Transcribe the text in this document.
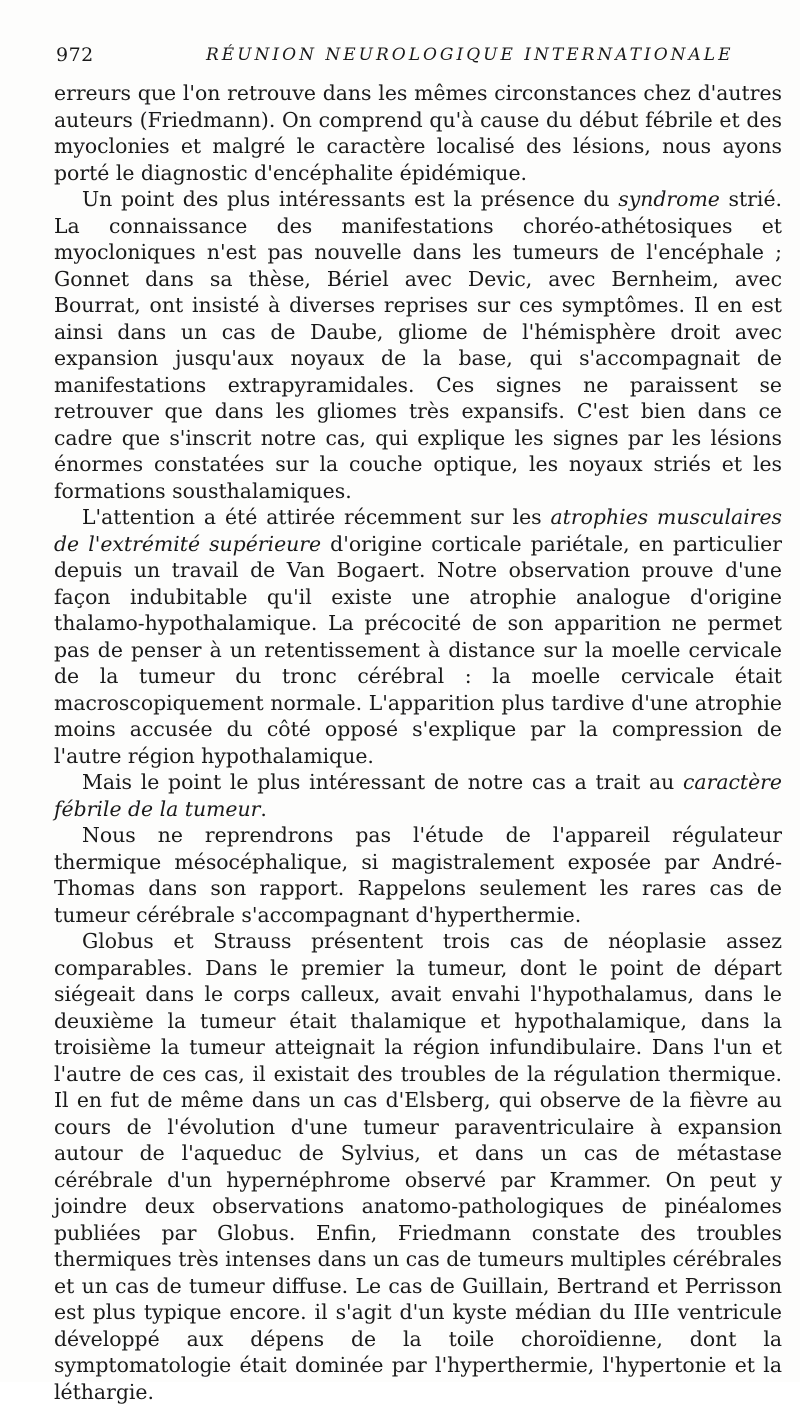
972	RÉUNION NEUROLOGIQUE INTERNATIONALE

erreurs que l'on retrouve dans les mêmes circonstances chez d'autres auteurs (Friedmann). On comprend qu'à cause du début fébrile et des myoclonies et malgré le caractère localisé des lésions, nous ayons porté le diagnostic d'encéphalite épidémique.

Un point des plus intéressants est la présence du syndrome strié. La connaissance des manifestations choréo-athétosiques et myocloniques n'est pas nouvelle dans les tumeurs de l'encéphale ; Gonnet dans sa thèse, Bériel avec Devic, avec Bernheim, avec Bourrat, ont insisté à diverses reprises sur ces symptômes. Il en est ainsi dans un cas de Daube, gliome de l'hémisphère droit avec expansion jusqu'aux noyaux de la base, qui s'accompagnait de manifestations extrapyramidales. Ces signes ne paraissent se retrouver que dans les gliomes très expansifs. C'est bien dans ce cadre que s'inscrit notre cas, qui explique les signes par les lésions énormes constatées sur la couche optique, les noyaux striés et les formations sousthalamiques.

L'attention a été attirée récemment sur les atrophies musculaires de l'extrémité supérieure d'origine corticale pariétale, en particulier depuis un travail de Van Bogaert. Notre observation prouve d'une façon indubitable qu'il existe une atrophie analogue d'origine thalamo-hypothalamique. La précocité de son apparition ne permet pas de penser à un retentissement à distance sur la moelle cervicale de la tumeur du tronc cérébral : la moelle cervicale était macroscopiquement normale. L'apparition plus tardive d'une atrophie moins accusée du côté opposé s'explique par la compression de l'autre région hypothalamique.

Mais le point le plus intéressant de notre cas a trait au caractère fébrile de la tumeur.

Nous ne reprendrons pas l'étude de l'appareil régulateur thermique mésocéphalique, si magistralement exposée par André-Thomas dans son rapport. Rappelons seulement les rares cas de tumeur cérébrale s'accompagnant d'hyperthermie.

Globus et Strauss présentent trois cas de néoplasie assez comparables. Dans le premier la tumeur, dont le point de départ siégeait dans le corps calleux, avait envahi l'hypothalamus, dans le deuxième la tumeur était thalamique et hypothalamique, dans la troisième la tumeur atteignait la région infundibulaire. Dans l'un et l'autre de ces cas, il existait des troubles de la régulation thermique. Il en fut de même dans un cas d'Elsberg, qui observe de la fièvre au cours de l'évolution d'une tumeur paraventriculaire à expansion autour de l'aqueduc de Sylvius, et dans un cas de métastase cérébrale d'un hypernéphrome observé par Krammer. On peut y joindre deux observations anatomo-pathologiques de pinéalomes publiées par Globus. Enfin, Friedmann constate des troubles thermiques très intenses dans un cas de tumeurs multiples cérébrales et un cas de tumeur diffuse. Le cas de Guillain, Bertrand et Perrisson est plus typique encore. il s'agit d'un kyste médian du IIIe ventricule développé aux dépens de la toile choroïdienne, dont la symptomatologie était dominée par l'hyperthermie, l'hypertonie et la léthargie.
